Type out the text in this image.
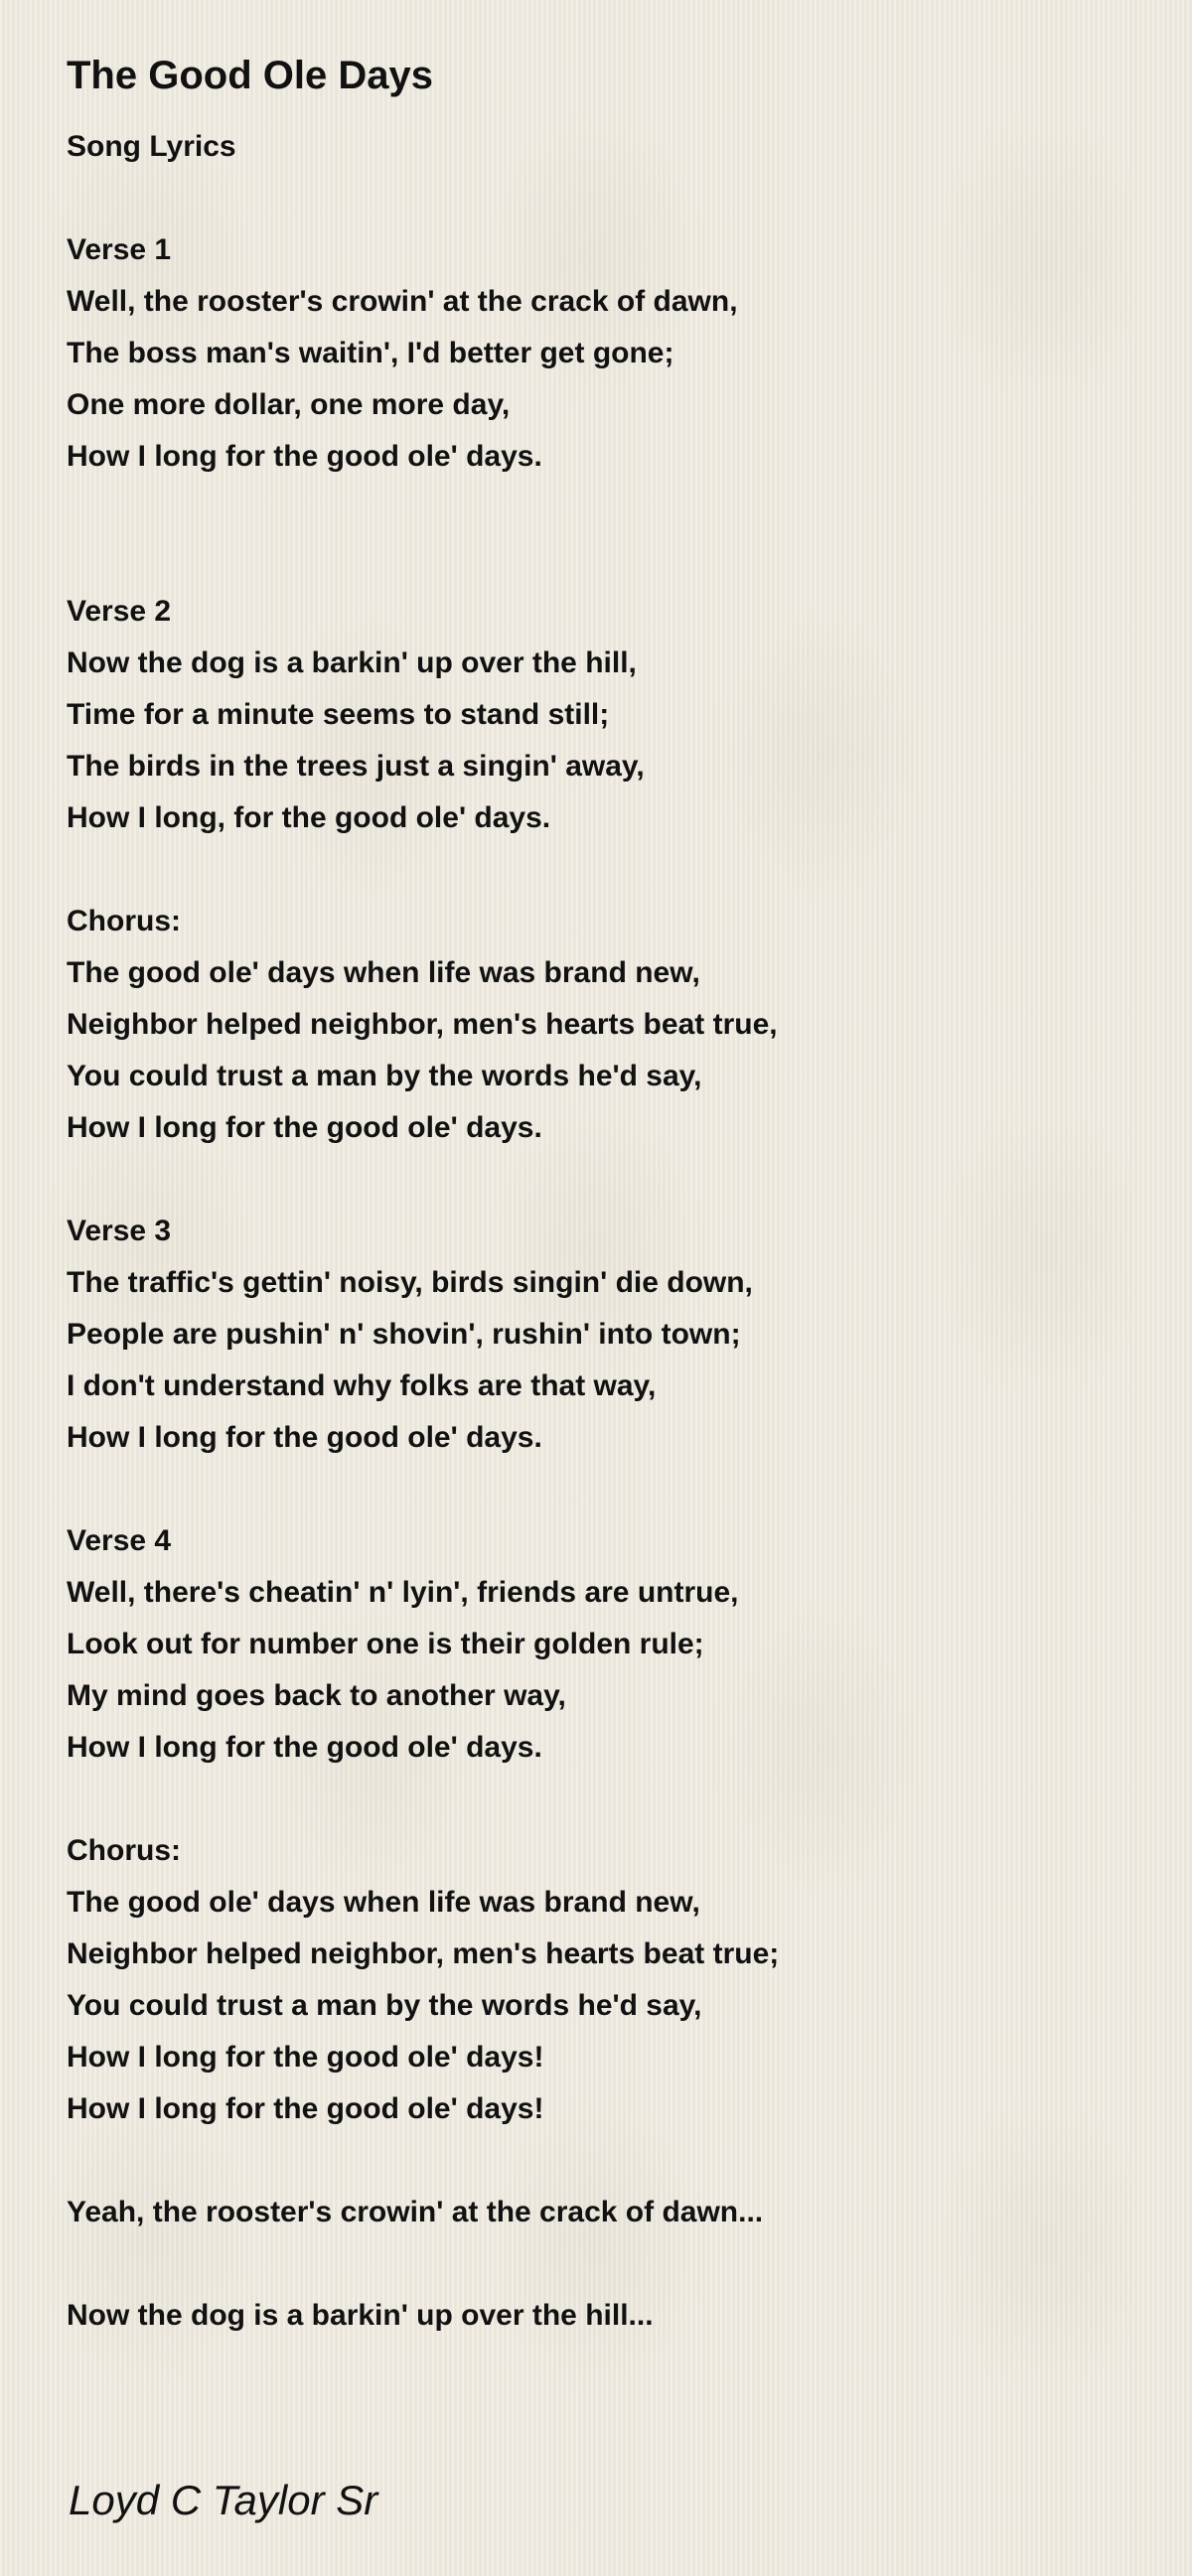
The Good Ole Days
Song Lyrics
Verse 1
Well, the rooster's crowin' at the crack of dawn,
The boss man's waitin', I'd better get gone;
One more dollar, one more day,
How I long for the good ole' days.
Verse 2
Now the dog is a barkin' up over the hill,
Time for a minute seems to stand still;
The birds in the trees just a singin' away,
How I long, for the good ole' days.
Chorus:
The good ole' days when life was brand new,
Neighbor helped neighbor, men's hearts beat true,
You could trust a man by the words he'd say,
How I long for the good ole' days.
Verse 3
The traffic's gettin' noisy, birds singin' die down,
People are pushin' n' shovin', rushin' into town;
I don't understand why folks are that way,
How I long for the good ole' days.
Verse 4
Well, there's cheatin' n' lyin', friends are untrue,
Look out for number one is their golden rule;
My mind goes back to another way,
How I long for the good ole' days.
Chorus:
The good ole' days when life was brand new,
Neighbor helped neighbor, men's hearts beat true;
You could trust a man by the words he'd say,
How I long for the good ole' days!
How I long for the good ole' days!
Yeah, the rooster's crowin' at the crack of dawn...
Now the dog is a barkin' up over the hill...
Loyd C Taylor Sr
